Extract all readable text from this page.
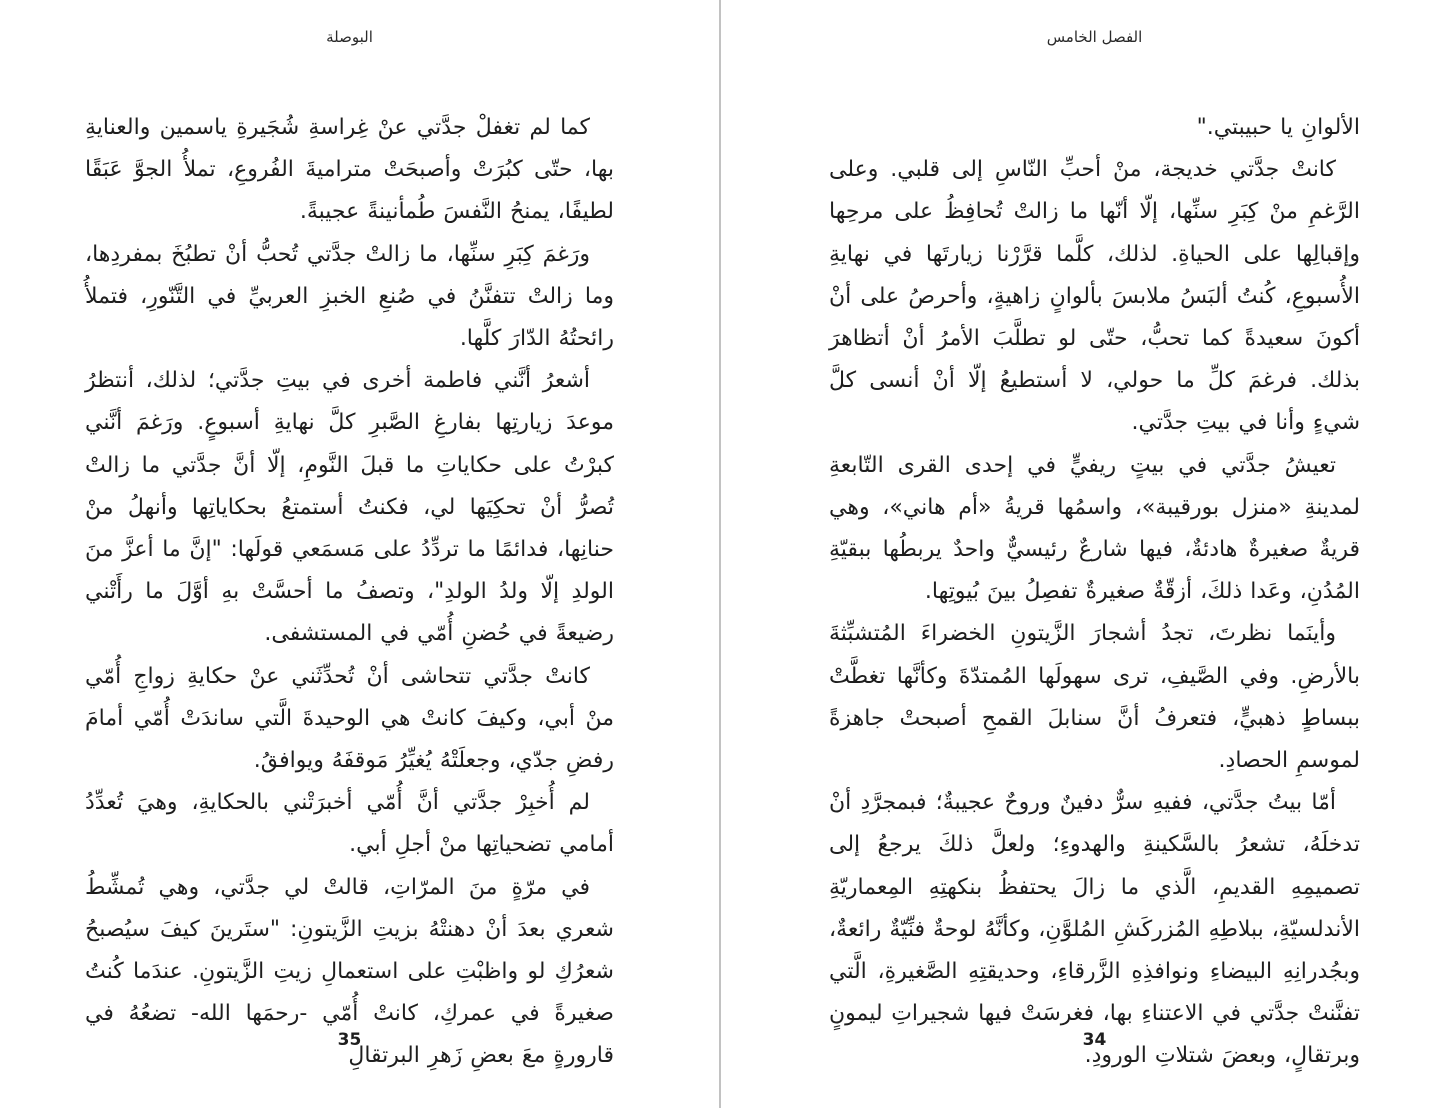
البوصلة

كما لم تغفلْ جدَّتي عنْ غِراسةِ شُجَيرةِ ياسمين والعنايةِ بها، حتّى كبُرَتْ وأصبحَتْ متراميةَ الفُروعِ، تملأُ الجوَّ عَبَقًا لطيفًا، يمنحُ النَّفسَ طُمأنينةً عجيبةً.

ورَغمَ كِبَرِ سنِّها، ما زالتْ جدَّتي تُحبُّ أنْ تطبُخَ بمفردِها، وما زالتْ تتفنَّنُ في صُنعِ الخبزِ العربيِّ في التَّنّورِ، فتملأُ رائحتُهُ الدّارَ كلَّها.

أشعرُ أنَّني فاطمة أخرى في بيتِ جدَّتي؛ لذلك، أنتظرُ موعدَ زيارتِها بفارغِ الصَّبرِ كلَّ نهايةِ أسبوعٍ. ورَغمَ أنَّني كبرْتُ على حكاياتِ ما قبلَ النَّومِ، إلّا أنَّ جدَّتي ما زالتْ تُصرُّ أنْ تحكِيَها لي، فكنتُ أستمتعُ بحكاياتِها وأنهلُ منْ حنانِها، فدائمًا ما تردِّدُ على مَسمَعي قولَها: "إنَّ ما أعزَّ منَ الولدِ إلّا ولدُ الولدِ"، وتصفُ ما أحسَّتْ بهِ أوَّلَ ما رأَتْني رضيعةً في حُضنِ أُمّي في المستشفى.

كانتْ جدَّتي تتحاشى أنْ تُحدِّثَني عنْ حكايةِ زواجِ أُمّي منْ أبي، وكيفَ كانتْ هي الوحيدةَ الَّتي ساندَتْ أُمّي أمامَ رفضِ جدّي، وجعلَتْهُ يُغيِّرُ مَوقفَهُ ويوافقُ.

لم أُخبِرْ جدَّتي أنَّ أُمّي أخبرَتْني بالحكايةِ، وهيَ تُعدِّدُ أمامي تضحياتِها منْ أجلِ أبي.

في مرّةٍ منَ المرّاتِ، قالتْ لي جدَّتي، وهي تُمشِّطُ شعري بعدَ أنْ دهنتْهُ بزيتِ الزَّيتونِ: "ستَرينَ كيفَ سيُصبحُ شعرُكِ لو واظبْتِ على استعمالِ زيتِ الزَّيتونِ. عندَما كُنتُ صغيرةً في عمركِ، كانتْ أُمّي -رحمَها الله- تضعُهُ في قارورةٍ معَ بعضِ زَهرِ البرتقالِ

35
الفصل الخامس

الألوانِ يا حبيبتي."

كانتْ جدَّتي خديجة، منْ أحبِّ النّاسِ إلى قلبي. وعلى الرَّغمِ منْ كِبَرِ سنِّها، إلّا أنّها ما زالتْ تُحافِظُ على مرحِها وإقبالِها على الحياةِ. لذلك، كلَّما قرَّرْنا زيارتَها في نهايةِ الأُسبوعِ، كُنتُ ألبَسُ ملابسَ بألوانٍ زاهيةٍ، وأحرصُ على أنْ أكونَ سعيدةً كما تحبُّ، حتّى لو تطلَّبَ الأمرُ أنْ أتظاهرَ بذلك. فرغمَ كلِّ ما حولي، لا أستطيعُ إلّا أنْ أنسى كلَّ شيءٍ وأنا في بيتِ جدَّتي.

تعيشُ جدَّتي في بيتٍ ريفيٍّ في إحدى القرى التّابعةِ لمدينةِ «منزل بورقيبة»، واسمُها قريةُ «أم هاني»، وهي قريةٌ صغيرةٌ هادئةٌ، فيها شارعٌ رئيسيٌّ واحدٌ يربطُها ببقيّةِ المُدُنِ، وعَدا ذلكَ، أزقّةٌ صغيرةٌ تفصِلُ بينَ بُيوتِها.

وأينَما نظرتَ، تجدُ أشجارَ الزَّيتونِ الخضراءَ المُتشبِّثةَ بالأرضِ. وفي الصَّيفِ، ترى سهولَها المُمتدّةَ وكأنَّها تغطَّتْ ببساطٍ ذهبيٍّ، فتعرفُ أنَّ سنابلَ القمحِ أصبحتْ جاهزةً لموسمِ الحصادِ.

أمّا بيتُ جدَّتي، ففيهِ سرٌّ دفينٌ وروحٌ عجيبةٌ؛ فبمجرَّدِ أنْ تدخلَهُ، تشعرُ بالسَّكينةِ والهدوءِ؛ ولعلَّ ذلكَ يرجعُ إلى تصميمِهِ القديمِ، الَّذي ما زالَ يحتفظُ بنكهتِهِ المِعماريّةِ الأندلسيّةِ، ببلاطِهِ المُزركَشِ المُلوَّنِ، وكأنَّهُ لوحةٌ فنِّيّةٌ رائعةٌ، وبجُدرانِهِ البيضاءِ ونوافذِهِ الزَّرقاءِ، وحديقتِهِ الصَّغيرةِ، الَّتي تفنَّنتْ جدَّتي في الاعتناءِ بها، فغرسَتْ فيها شجيراتِ ليمونٍ وبرتقالٍ، وبعضَ شتلاتِ الورودِ.

34
